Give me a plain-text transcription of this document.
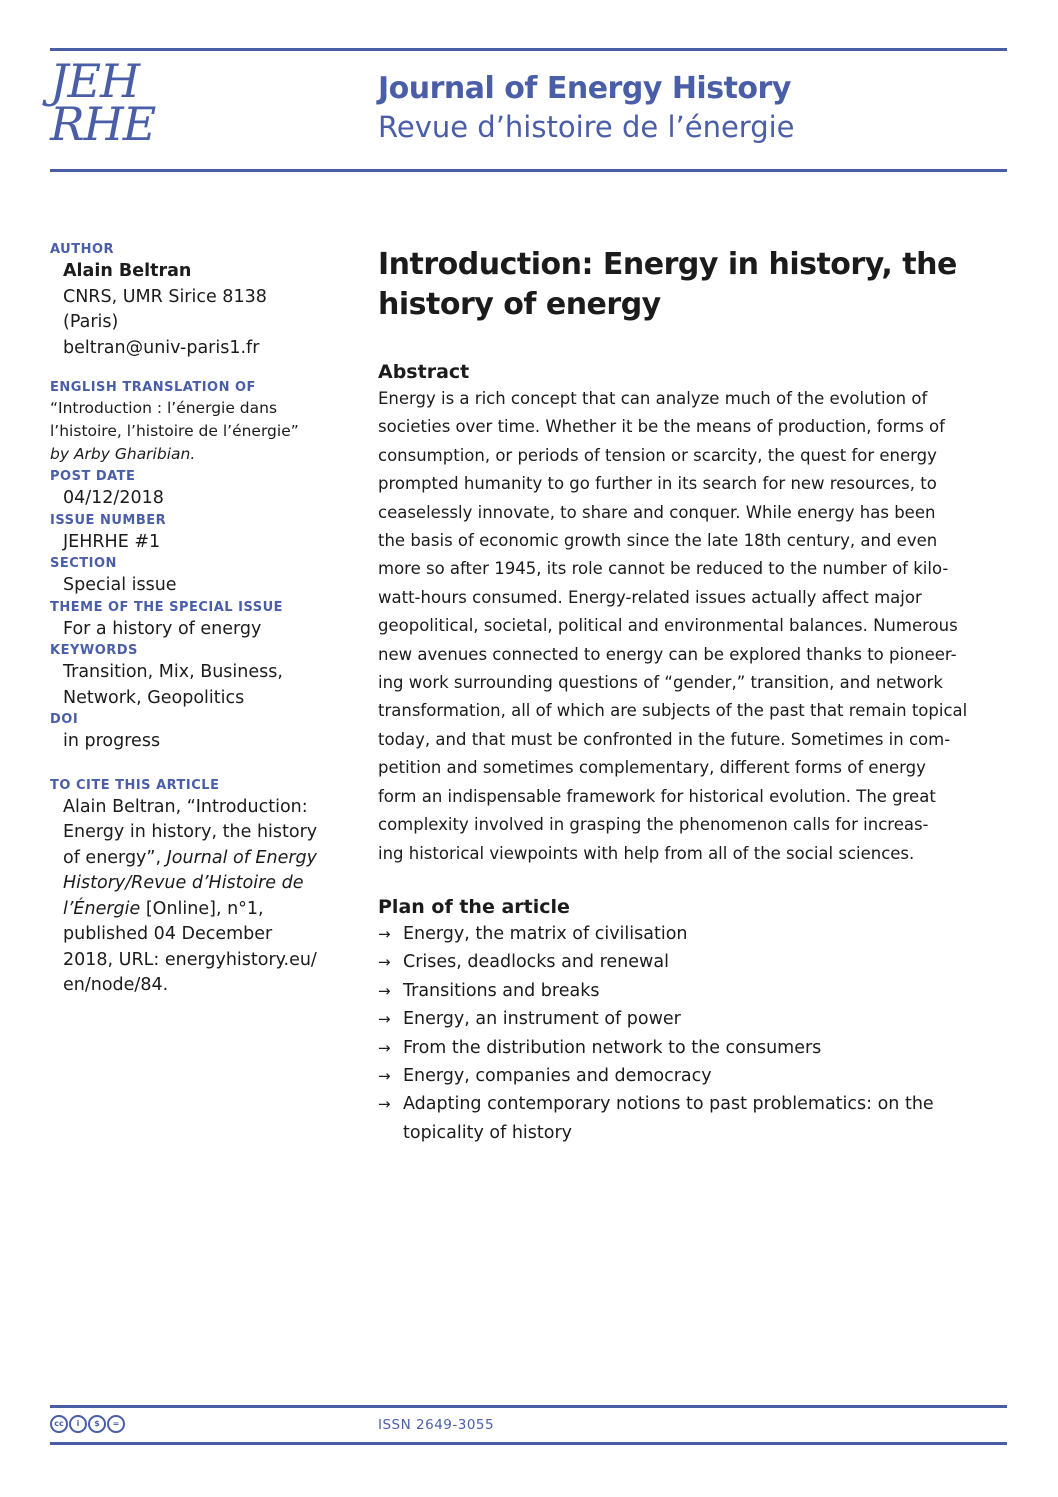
JEH
RHE
Journal of Energy History
Revue d’histoire de l’énergie
AUTHOR
Alain Beltran
CNRS, UMR Sirice 8138
(Paris)
beltran@univ-paris1.fr
ENGLISH TRANSLATION OF
“Introduction : l’énergie dans
l’histoire, l’histoire de l’énergie”
by Arby Gharibian.
POST DATE
04/12/2018
ISSUE NUMBER
JEHRHE #1
SECTION
Special issue
THEME OF THE SPECIAL ISSUE
For a history of energy
KEYWORDS
Transition, Mix, Business,
Network, Geopolitics
DOI
in progress
TO CITE THIS ARTICLE
Alain Beltran, “Introduction:
Energy in history, the history
of energy”, Journal of Energy
History/Revue d’Histoire de
l’Énergie [Online], n°1,
published 04 December
2018, URL: energyhistory.eu/
en/node/84.
Introduction: Energy in history, the
history of energy
Abstract
Energy is a rich concept that can analyze much of the evolution of
societies over time. Whether it be the means of production, forms of
consumption, or periods of tension or scarcity, the quest for energy
prompted humanity to go further in its search for new resources, to
ceaselessly innovate, to share and conquer. While energy has been
the basis of economic growth since the late 18th century, and even
more so after 1945, its role cannot be reduced to the number of kilo-
watt-hours consumed. Energy-related issues actually affect major
geopolitical, societal, political and environmental balances. Numerous
new avenues connected to energy can be explored thanks to pioneer-
ing work surrounding questions of “gender,” transition, and network
transformation, all of which are subjects of the past that remain topical
today, and that must be confronted in the future. Sometimes in com-
petition and sometimes complementary, different forms of energy
form an indispensable framework for historical evolution. The great
complexity involved in grasping the phenomenon calls for increas-
ing historical viewpoints with help from all of the social sciences.
Plan of the article
→ Energy, the matrix of civilisation
→ Crises, deadlocks and renewal
→ Transitions and breaks
→ Energy, an instrument of power
→ From the distribution network to the consumers
→ Energy, companies and democracy
→ Adapting contemporary notions to past problematics: on the
topicality of history
cc	i	$	=	ISSN 2649-3055
